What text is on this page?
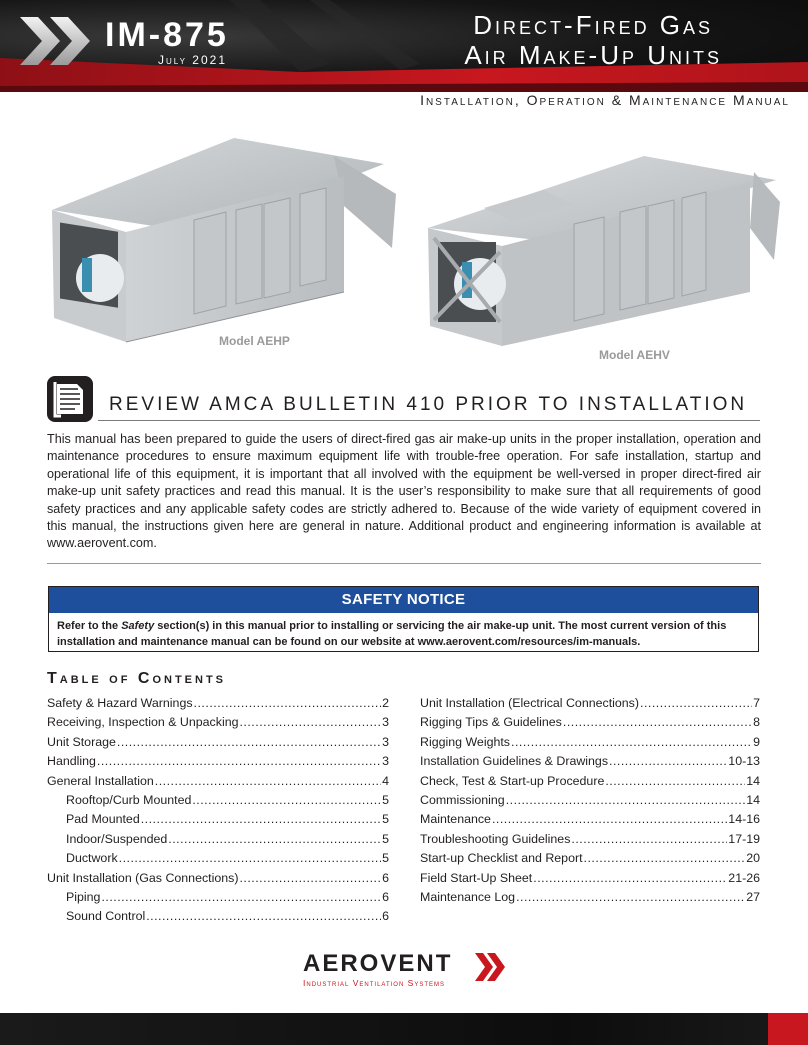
IM-875
July 2021
Direct-Fired Gas
Air Make-Up Units
Installation, Operation & Maintenance Manual
Model AEHP
Model AEHV
REVIEW AMCA BULLETIN 410 PRIOR TO INSTALLATION
This manual has been prepared to guide the users of direct-fired gas air make-up units in the proper installation, operation and maintenance procedures to ensure maximum equipment life with trouble-free operation. For safe installation, startup and operational life of this equipment, it is important that all involved with the equipment be well-versed in proper direct-fired air make-up unit safety practices and read this manual. It is the user’s responsibility to make sure that all requirements of good safety practices and any applicable safety codes are strictly adhered to. Because of the wide variety of equipment covered in this manual, the instructions given here are general in nature. Additional product and engineering information is available at www.aerovent.com.
SAFETY NOTICE
Refer to the Safety section(s) in this manual prior to installing or servicing the air make-up unit. The most current version of this installation and maintenance manual can be found on our website at www.aerovent.com/resources/im-manuals.
Table of Contents
Safety & Hazard Warnings .....	2
Receiving, Inspection & Unpacking .....	3
Unit Storage .....	3
Handling .....	3
General Installation .....	4
Rooftop/Curb Mounted .....	5
Pad Mounted .....	5
Indoor/Suspended .....	5
Ductwork .....	5
Unit Installation (Gas Connections) .....	6
Piping .....	6
Sound Control .....	6
Unit Installation (Electrical Connections) .....	7
Rigging Tips & Guidelines .....	8
Rigging Weights .....	9
Installation Guidelines & Drawings .....	10-13
Check, Test & Start-up Procedure .....	14
Commissioning .....	14
Maintenance .....	14-16
Troubleshooting Guidelines .....	17-19
Start-up Checklist and Report .....	20
Field Start-Up Sheet .....	21-26
Maintenance Log .....	27
AEROVENT
Industrial Ventilation Systems
